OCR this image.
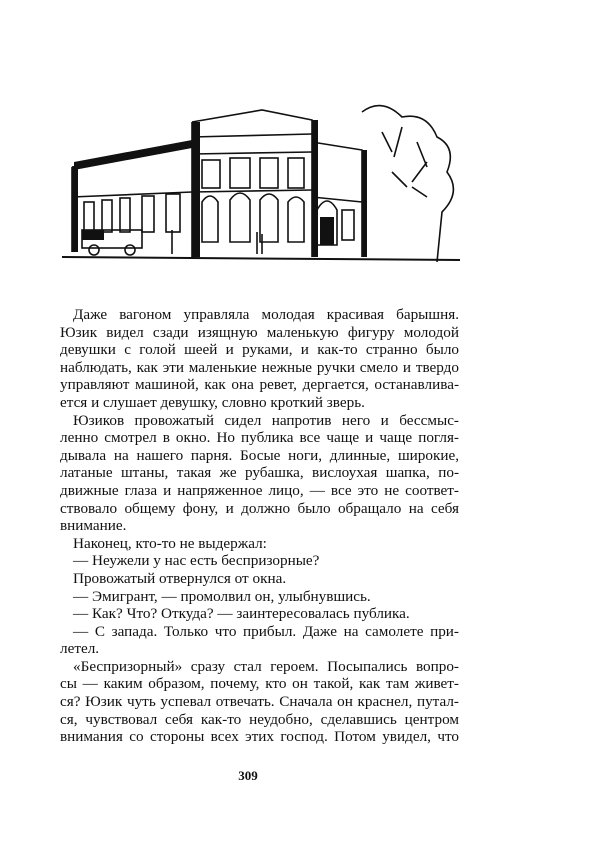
Даже вагоном управляла молодая красивая барышня.
Юзик видел сзади изящную маленькую фигуру молодой
девушки с голой шеей и руками, и как-то странно было
наблюдать, как эти маленькие нежные ручки смело и твердо
управляют машиной, как она ревет, дергается, останавлива-
ется и слушает девушку, словно кроткий зверь.
Юзиков провожатый сидел напротив него и бессмыс-
ленно смотрел в окно. Но публика все чаще и чаще погля-
дывала на нашего парня. Босые ноги, длинные, широкие,
латаные штаны, такая же рубашка, вислоухая шапка, по-
движные глаза и напряженное лицо, — все это не соответ-
ствовало общему фону, и должно было обращало на себя
внимание.
Наконец, кто-то не выдержал:
— Неужели у нас есть беспризорные?
Провожатый отвернулся от окна.
— Эмигрант, — промолвил он, улыбнувшись.
— Как? Что? Откуда? — заинтересовалась публика.
— С запада. Только что прибыл. Даже на самолете при-
летел.
«Беспризорный» сразу стал героем. Посыпались вопро-
сы — каким образом, почему, кто он такой, как там живет-
ся? Юзик чуть успевал отвечать. Сначала он краснел, путал-
ся, чувствовал себя как-то неудобно, сделавшись центром
внимания со стороны всех этих господ. Потом увидел, что
309
